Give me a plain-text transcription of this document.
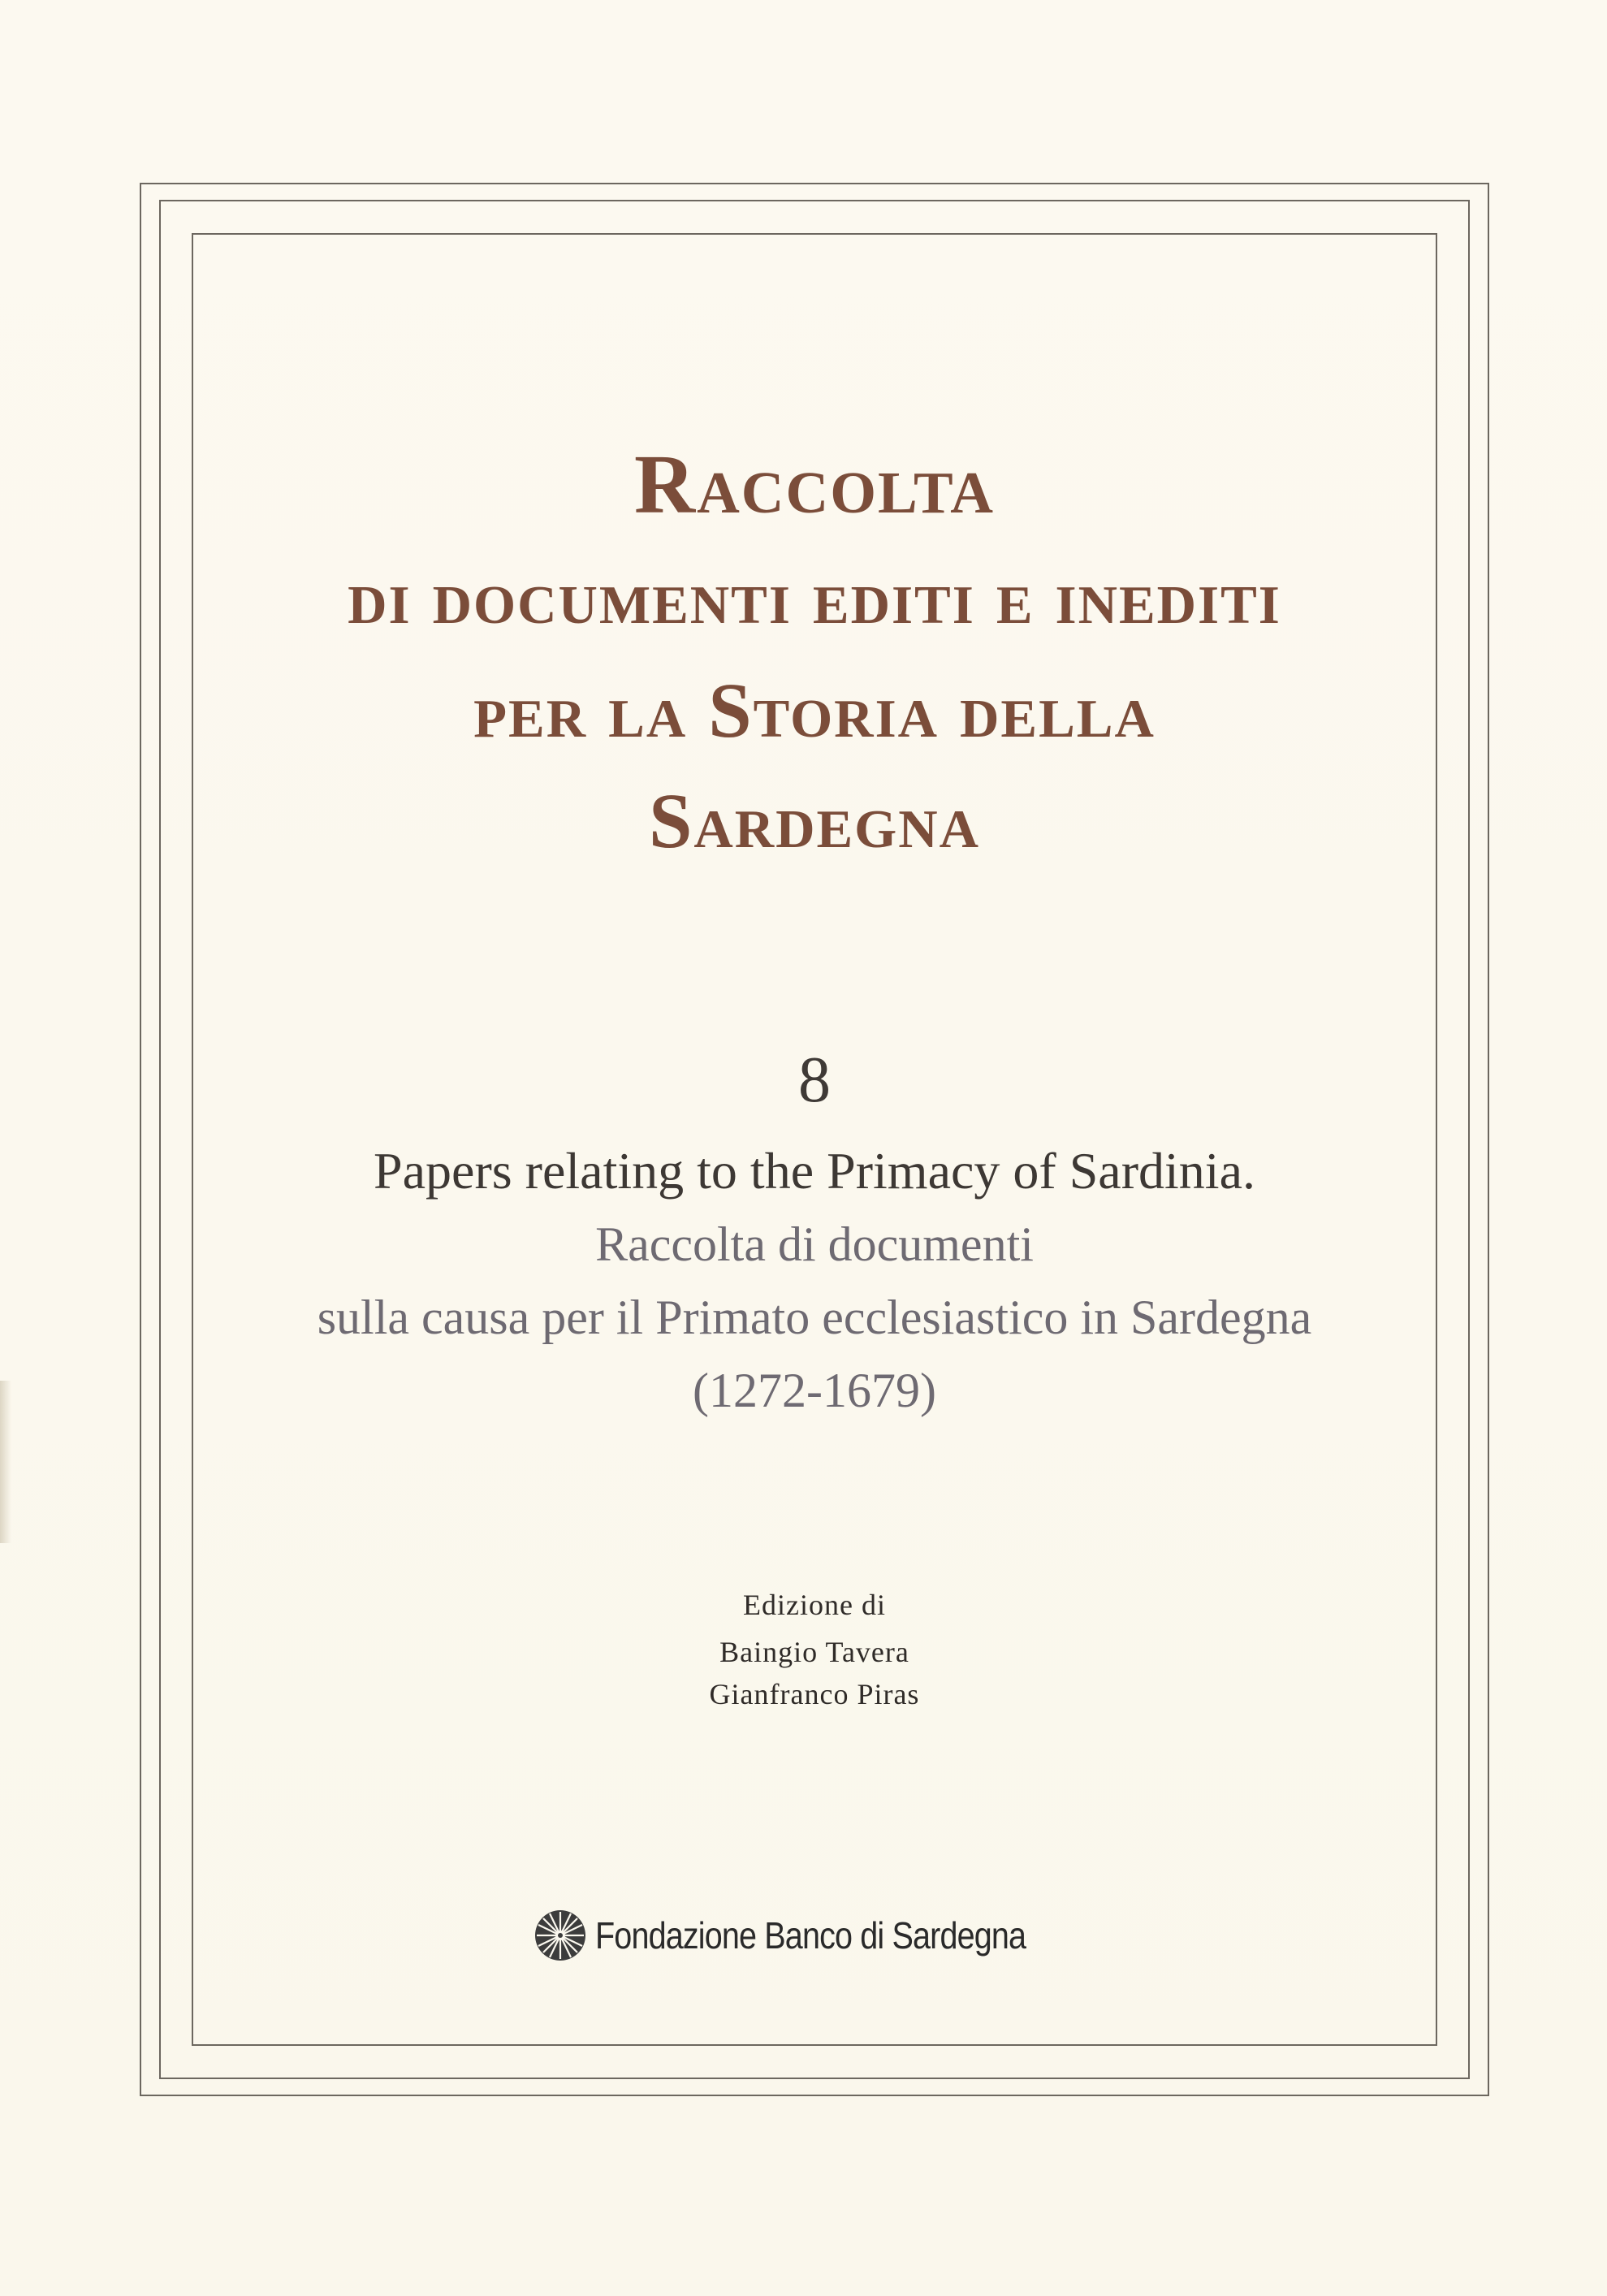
Raccolta
di documenti editi e inediti
per la Storia della
Sardegna
8
Papers relating to the Primacy of Sardinia.
Raccolta di documenti
sulla causa per il Primato ecclesiastico in Sardegna
(1272-1679)
Edizione di
Baingio Tavera
Gianfranco Piras
Fondazione Banco di Sardegna
